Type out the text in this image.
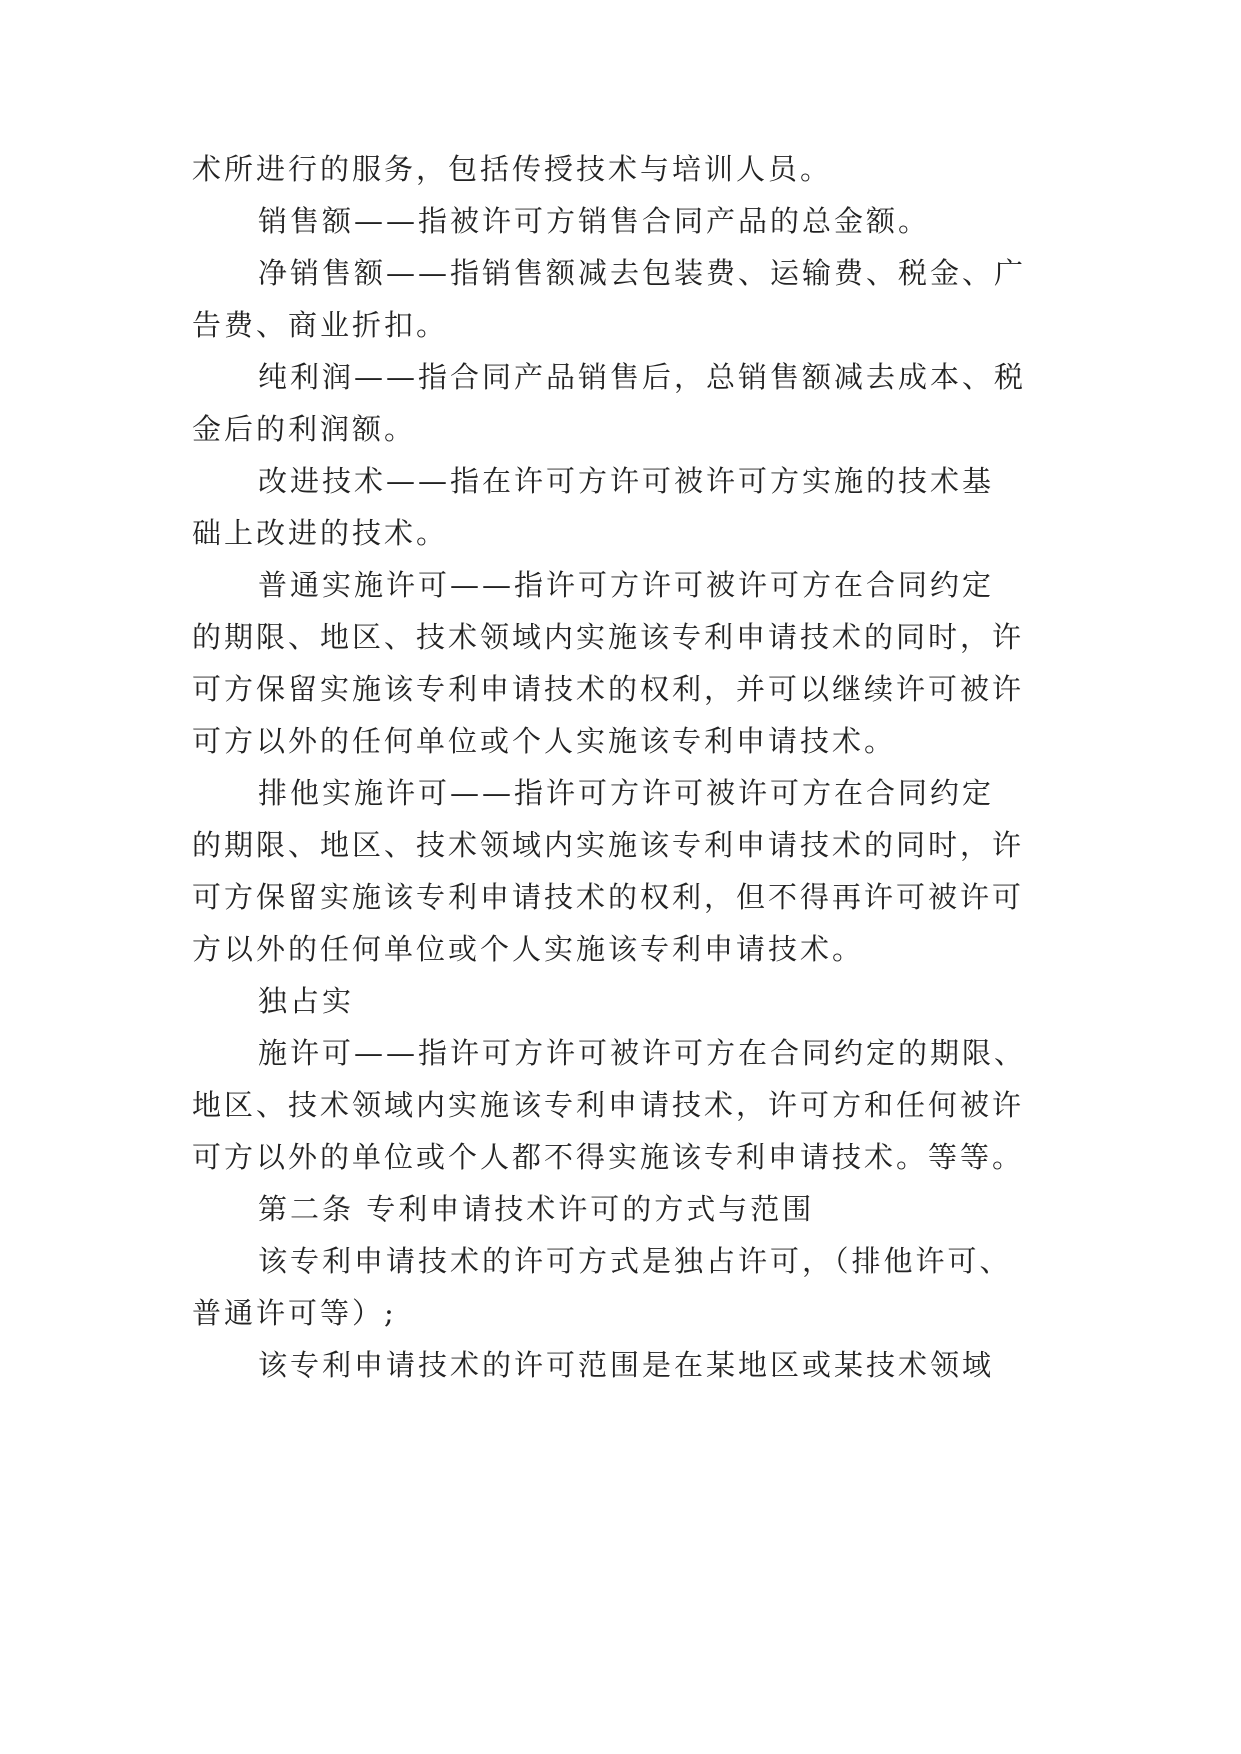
术所进行的服务，包括传授技术与培训人员。
销售额——指被许可方销售合同产品的总金额。
净销售额——指销售额减去包装费、运输费、税金、广
告费、商业折扣。
纯利润——指合同产品销售后，总销售额减去成本、税
金后的利润额。
改进技术——指在许可方许可被许可方实施的技术基
础上改进的技术。
普通实施许可——指许可方许可被许可方在合同约定
的期限、地区、技术领域内实施该专利申请技术的同时，许
可方保留实施该专利申请技术的权利，并可以继续许可被许
可方以外的任何单位或个人实施该专利申请技术。
排他实施许可——指许可方许可被许可方在合同约定
的期限、地区、技术领域内实施该专利申请技术的同时，许
可方保留实施该专利申请技术的权利，但不得再许可被许可
方以外的任何单位或个人实施该专利申请技术。
独占实
施许可——指许可方许可被许可方在合同约定的期限、
地区、技术领域内实施该专利申请技术，许可方和任何被许
可方以外的单位或个人都不得实施该专利申请技术。等等。
第二条 专利申请技术许可的方式与范围
该专利申请技术的许可方式是独占许可，（排他许可、
普通许可等）;
该专利申请技术的许可范围是在某地区或某技术领域
